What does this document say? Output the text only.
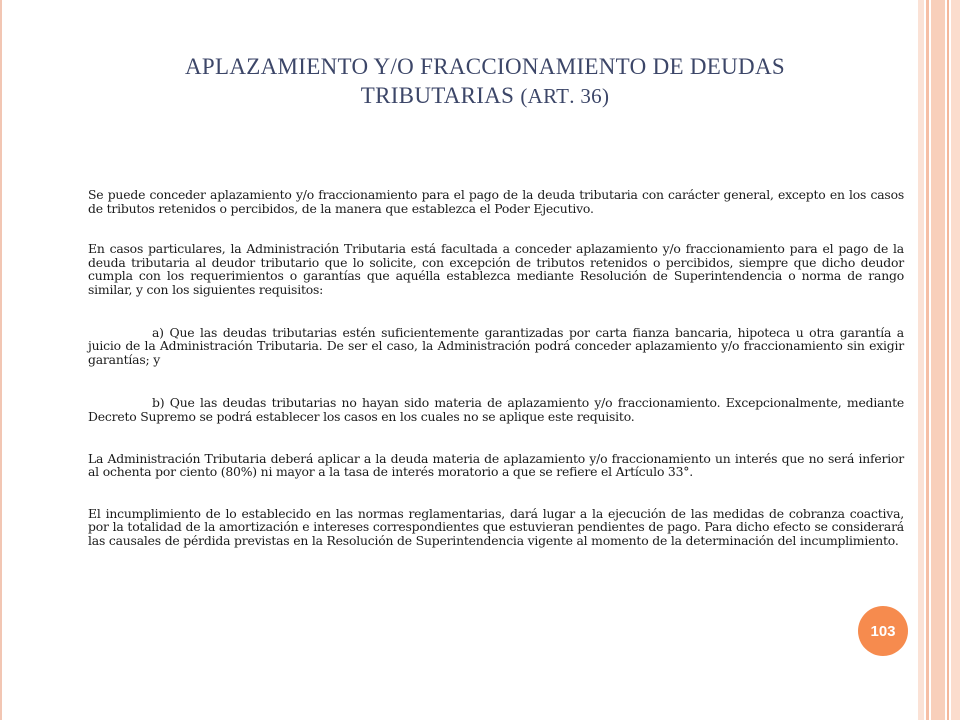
APLAZAMIENTO Y/O FRACCIONAMIENTO DE DEUDAS
TRIBUTARIAS (ART. 36)

Se puede conceder aplazamiento y/o fraccionamiento para el pago de la deuda tributaria con carácter general, excepto en los casos de tributos retenidos o percibidos, de la manera que establezca el Poder Ejecutivo.

En casos particulares, la Administración Tributaria está facultada a conceder aplazamiento y/o fraccionamiento para el pago de la deuda tributaria al deudor tributario que lo solicite, con excepción de tributos retenidos o percibidos, siempre que dicho deudor cumpla con los requerimientos o garantías que aquélla establezca mediante Resolución de Superintendencia o norma de rango similar, y con los siguientes requisitos:

a) Que las deudas tributarias estén suficientemente garantizadas por carta fianza bancaria, hipoteca u otra garantía a juicio de la Administración Tributaria. De ser el caso, la Administración podrá conceder aplazamiento y/o fraccionamiento sin exigir garantías; y

b) Que las deudas tributarias no hayan sido materia de aplazamiento y/o fraccionamiento. Excepcionalmente, mediante Decreto Supremo se podrá establecer los casos en los cuales no se aplique este requisito.

La Administración Tributaria deberá aplicar a la deuda materia de aplazamiento y/o fraccionamiento un interés que no será inferior al ochenta por ciento (80%) ni mayor a la tasa de interés moratorio a que se refiere el Artículo 33°.

El incumplimiento de lo establecido en las normas reglamentarias, dará lugar a la ejecución de las medidas de cobranza coactiva, por la totalidad de la amortización e intereses correspondientes que estuvieran pendientes de pago. Para dicho efecto se considerará las causales de pérdida previstas en la Resolución de Superintendencia vigente al momento de la determinación del incumplimiento.

103
